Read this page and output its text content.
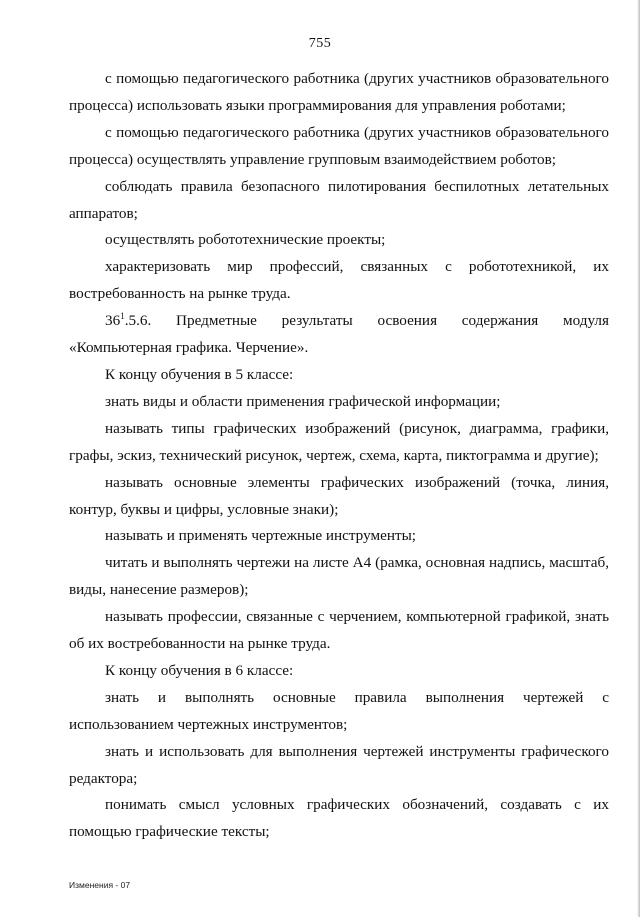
755

с помощью педагогического работника (других участников образовательного процесса) использовать языки программирования для управления роботами;

с помощью педагогического работника (других участников образовательного процесса) осуществлять управление групповым взаимодействием роботов;

соблюдать правила безопасного пилотирования беспилотных летательных аппаратов;

осуществлять робототехнические проекты;

характеризовать мир профессий, связанных с робототехникой, их востребованность на рынке труда.

$36^1.5.6$. Предметные результаты освоения содержания модуля «Компьютерная графика. Черчение».

К концу обучения в 5 классе:

знать виды и области применения графической информации;

называть типы графических изображений (рисунок, диаграмма, графики, графы, эскиз, технический рисунок, чертеж, схема, карта, пиктограмма и другие);

называть основные элементы графических изображений (точка, линия, контур, буквы и цифры, условные знаки);

называть и применять чертежные инструменты;

читать и выполнять чертежи на листе А4 (рамка, основная надпись, масштаб, виды, нанесение размеров);

называть профессии, связанные с черчением, компьютерной графикой, знать об их востребованности на рынке труда.

К концу обучения в 6 классе:

знать и выполнять основные правила выполнения чертежей с использованием чертежных инструментов;

знать и использовать для выполнения чертежей инструменты графического редактора;

понимать смысл условных графических обозначений, создавать с их помощью графические тексты;

Изменения - 07
